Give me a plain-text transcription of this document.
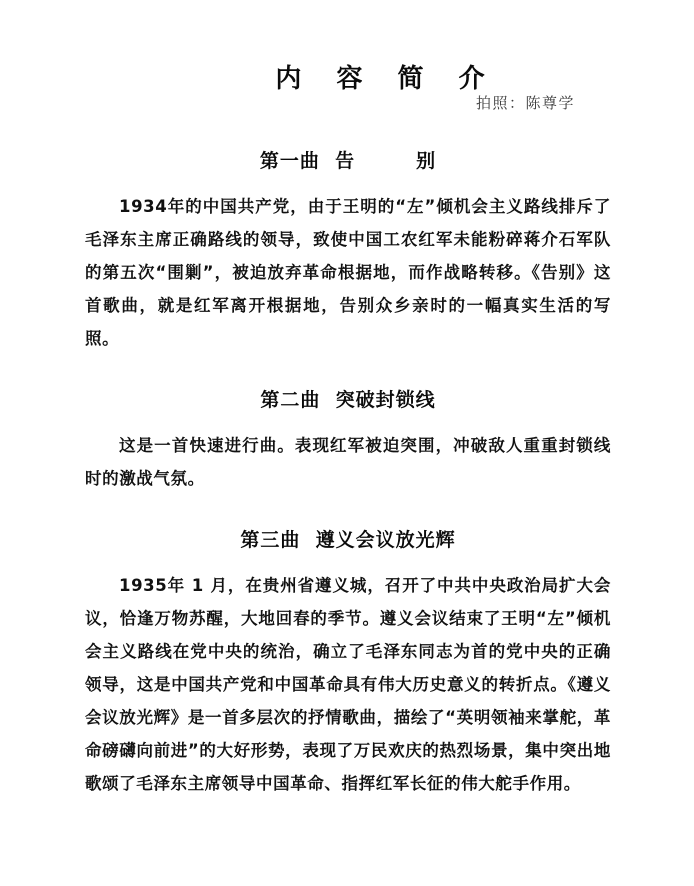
内 容 简 介
拍照：陈尊学
第一曲  告        别

1934年的中国共产党，由于王明的“左”倾机会主义路线排斥了毛泽东主席正确路线的领导，致使中国工农红军未能粉碎蒋介石军队的第五次“围剿”，被迫放弃革命根据地，而作战略转移。《告别》这首歌曲，就是红军离开根据地，告别众乡亲时的一幅真实生活的写照。

第二曲  突破封锁线

这是一首快速进行曲。表现红军被迫突围，冲破敌人重重封锁线时的激战气氛。

第三曲  遵义会议放光辉

1935年 1 月，在贵州省遵义城，召开了中共中央政治局扩大会议，恰逢万物苏醒，大地回春的季节。遵义会议结束了王明“左”倾机会主义路线在党中央的统治，确立了毛泽东同志为首的党中央的正确领导，这是中国共产党和中国革命具有伟大历史意义的转折点。《遵义会议放光辉》是一首多层次的抒情歌曲，描绘了“英明领袖来掌舵，革命磅礴向前进”的大好形势，表现了万民欢庆的热烈场景，集中突出地歌颂了毛泽东主席领导中国革命、指挥红军长征的伟大舵手作用。
